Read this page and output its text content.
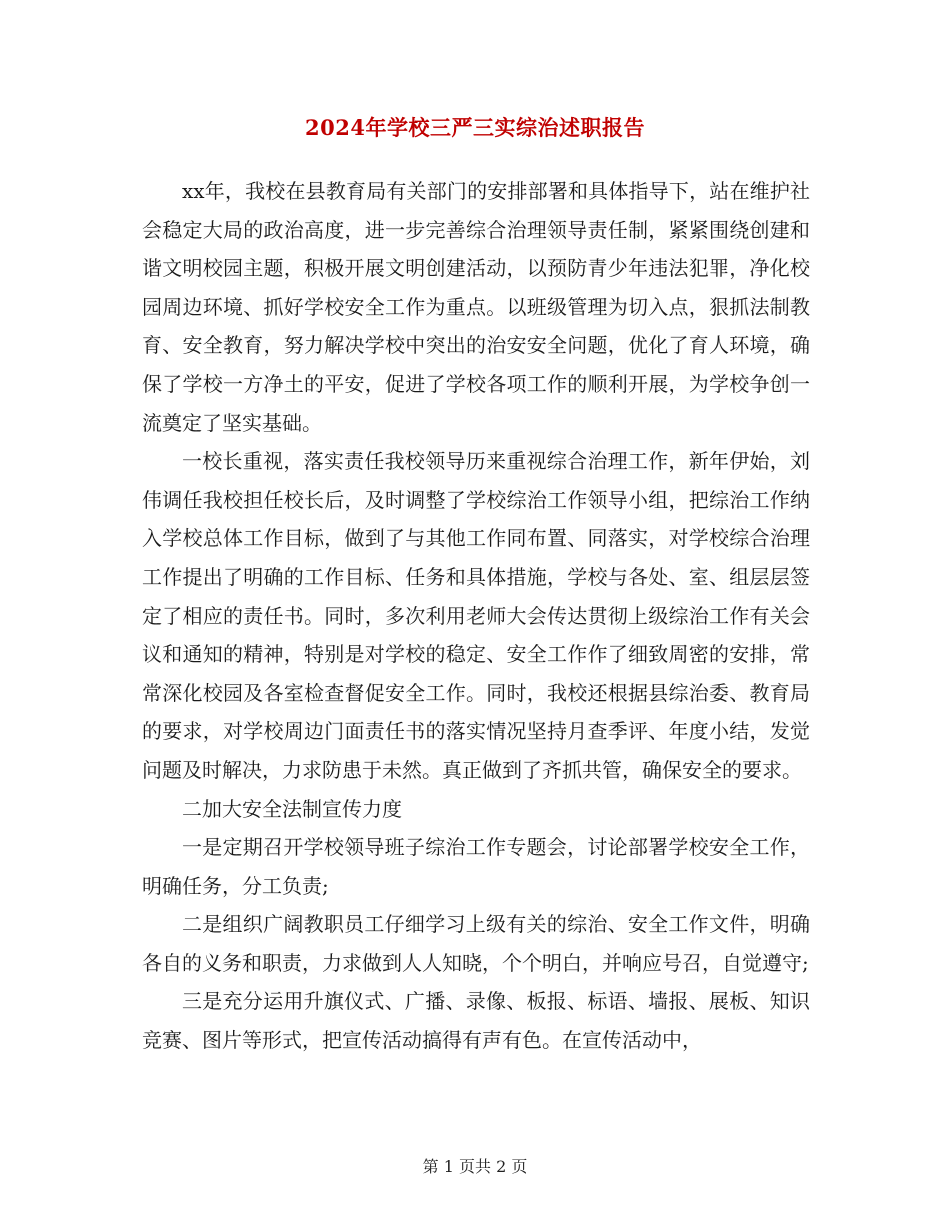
2024年学校三严三实综治述职报告

xx年，我校在县教育局有关部门的安排部署和具体指导下，站在维护社会稳定大局的政治高度，进一步完善综合治理领导责任制，紧紧围绕创建和谐文明校园主题，积极开展文明创建活动，以预防青少年违法犯罪，净化校园周边环境、抓好学校安全工作为重点。以班级管理为切入点，狠抓法制教育、安全教育，努力解决学校中突出的治安安全问题，优化了育人环境，确保了学校一方净土的平安，促进了学校各项工作的顺利开展，为学校争创一流奠定了坚实基础。

一校长重视，落实责任我校领导历来重视综合治理工作，新年伊始，刘伟调任我校担任校长后，及时调整了学校综治工作领导小组，把综治工作纳入学校总体工作目标，做到了与其他工作同布置、同落实，对学校综合治理工作提出了明确的工作目标、任务和具体措施，学校与各处、室、组层层签定了相应的责任书。同时，多次利用老师大会传达贯彻上级综治工作有关会议和通知的精神，特别是对学校的稳定、安全工作作了细致周密的安排，常常深化校园及各室检查督促安全工作。同时，我校还根据县综治委、教育局的要求，对学校周边门面责任书的落实情况坚持月查季评、年度小结，发觉问题及时解决，力求防患于未然。真正做到了齐抓共管，确保安全的要求。

二加大安全法制宣传力度

一是定期召开学校领导班子综治工作专题会，讨论部署学校安全工作，明确任务，分工负责;

二是组织广阔教职员工仔细学习上级有关的综治、安全工作文件，明确各自的义务和职责，力求做到人人知晓，个个明白，并响应号召，自觉遵守;

三是充分运用升旗仪式、广播、录像、板报、标语、墙报、展板、知识竞赛、图片等形式，把宣传活动搞得有声有色。在宣传活动中，

第 1 页共 2 页
